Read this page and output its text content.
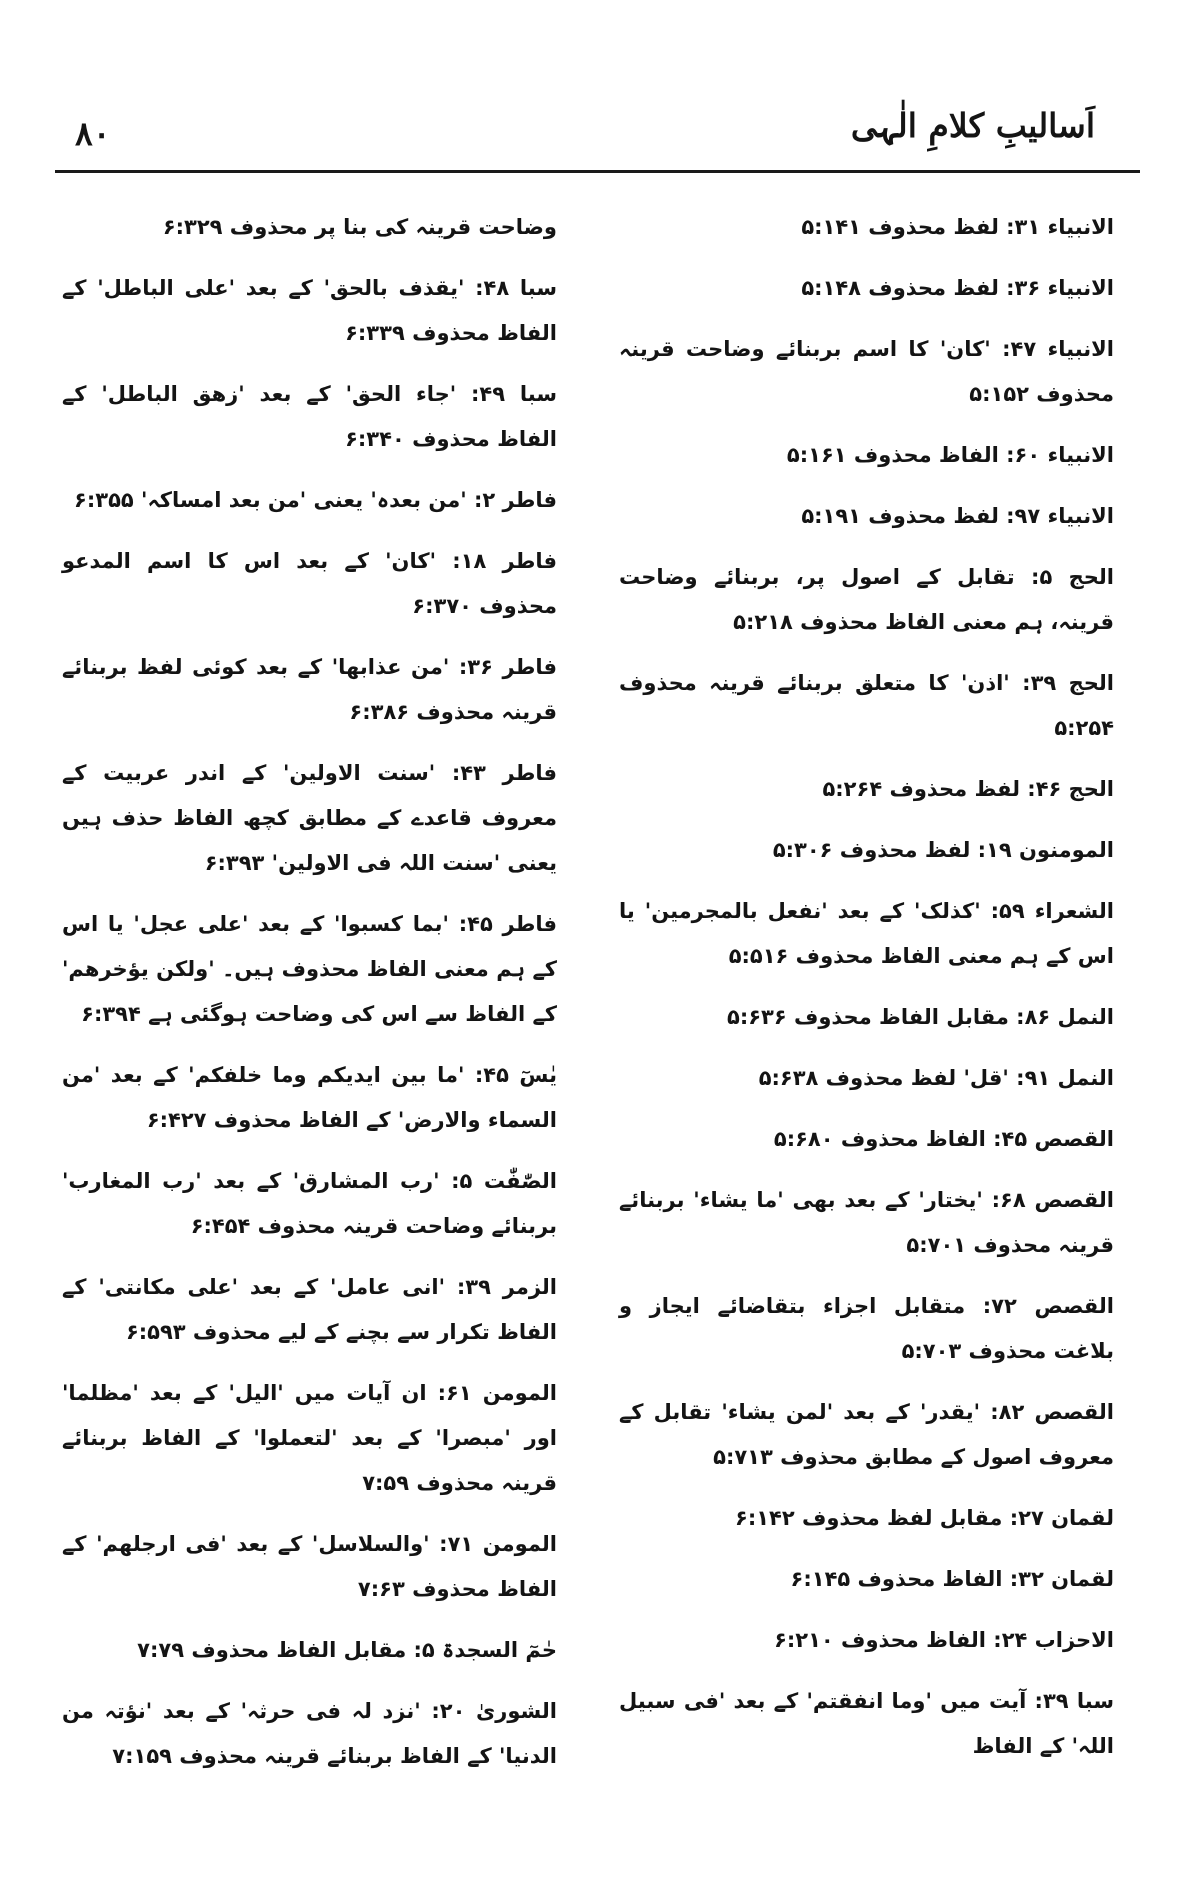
اَسالیبِ کلامِ الٰہی
۸۰

الانبیاء ۳۱: لفظ محذوف ۵:۱۴۱

الانبیاء ۳۶: لفظ محذوف ۵:۱۴۸

الانبیاء ۴۷: 'کان' کا اسم بربنائے وضاحت قرینہ محذوف ۵:۱۵۲

الانبیاء ۶۰: الفاظ محذوف ۵:۱۶۱

الانبیاء ۹۷: لفظ محذوف ۵:۱۹۱

الحج ۵: تقابل کے اصول پر، بربنائے وضاحت قرینہ، ہم معنی الفاظ محذوف ۵:۲۱۸

الحج ۳۹: 'اذن' کا متعلق بربنائے قرینہ محذوف ۵:۲۵۴

الحج ۴۶: لفظ محذوف ۵:۲۶۴

المومنون ۱۹: لفظ محذوف ۵:۳۰۶

الشعراء ۵۹: 'کذلک' کے بعد 'نفعل بالمجرمین' یا اس کے ہم معنی الفاظ محذوف ۵:۵۱۶

النمل ۸۶: مقابل الفاظ محذوف ۵:۶۳۶

النمل ۹۱: 'قل' لفظ محذوف ۵:۶۳۸

القصص ۴۵: الفاظ محذوف ۵:۶۸۰

القصص ۶۸: 'یختار' کے بعد بھی 'ما یشاء' بربنائے قرینہ محذوف ۵:۷۰۱

القصص ۷۲: متقابل اجزاء بتقاضائے ایجاز و بلاغت محذوف ۵:۷۰۳

القصص ۸۲: 'یقدر' کے بعد 'لمن یشاء' تقابل کے معروف اصول کے مطابق محذوف ۵:۷۱۳

لقمان ۲۷: مقابل لفظ محذوف ۶:۱۴۲

لقمان ۳۲: الفاظ محذوف ۶:۱۴۵

الاحزاب ۲۴: الفاظ محذوف ۶:۲۱۰

سبا ۳۹: آیت میں 'وما انفقتم' کے بعد 'فی سبیل اللہ' کے الفاظ

وضاحت قرینہ کی بنا پر محذوف ۶:۳۲۹

سبا ۴۸: 'یقذف بالحق' کے بعد 'علی الباطل' کے الفاظ محذوف ۶:۳۳۹

سبا ۴۹: 'جاء الحق' کے بعد 'زھق الباطل' کے الفاظ محذوف ۶:۳۴۰

فاطر ۲: 'من بعدہ' یعنی 'من بعد امساکہ' ۶:۳۵۵

فاطر ۱۸: 'کان' کے بعد اس کا اسم المدعو محذوف ۶:۳۷۰

فاطر ۳۶: 'من عذابھا' کے بعد کوئی لفظ بربنائے قرینہ محذوف ۶:۳۸۶

فاطر ۴۳: 'سنت الاولین' کے اندر عربیت کے معروف قاعدے کے مطابق کچھ الفاظ حذف ہیں یعنی 'سنت اللہ فی الاولین' ۶:۳۹۳

فاطر ۴۵: 'بما کسبوا' کے بعد 'علی عجل' یا اس کے ہم معنی الفاظ محذوف ہیں۔ 'ولکن یؤخرھم' کے الفاظ سے اس کی وضاحت ہوگئی ہے ۶:۳۹۴

یٰسٓ ۴۵: 'ما بین ایدیکم وما خلفکم' کے بعد 'من السماء والارض' کے الفاظ محذوف ۶:۴۲۷

الصّٰفّٰت ۵: 'رب المشارق' کے بعد 'رب المغارب' بربنائے وضاحت قرینہ محذوف ۶:۴۵۴

الزمر ۳۹: 'انی عامل' کے بعد 'علی مکانتی' کے الفاظ تکرار سے بچنے کے لیے محذوف ۶:۵۹۳

المومن ۶۱: ان آیات میں 'الیل' کے بعد 'مظلما' اور 'مبصرا' کے بعد 'لتعملوا' کے الفاظ بربنائے قرینہ محذوف ۷:۵۹

المومن ۷۱: 'والسلاسل' کے بعد 'فی ارجلھم' کے الفاظ محذوف ۷:۶۳

حٰمٓ السجدۃ ۵: مقابل الفاظ محذوف ۷:۷۹

الشوریٰ ۲۰: 'نزد لہ فی حرثہ' کے بعد 'نؤتہ من الدنیا' کے الفاظ بربنائے قرینہ محذوف ۷:۱۵۹
